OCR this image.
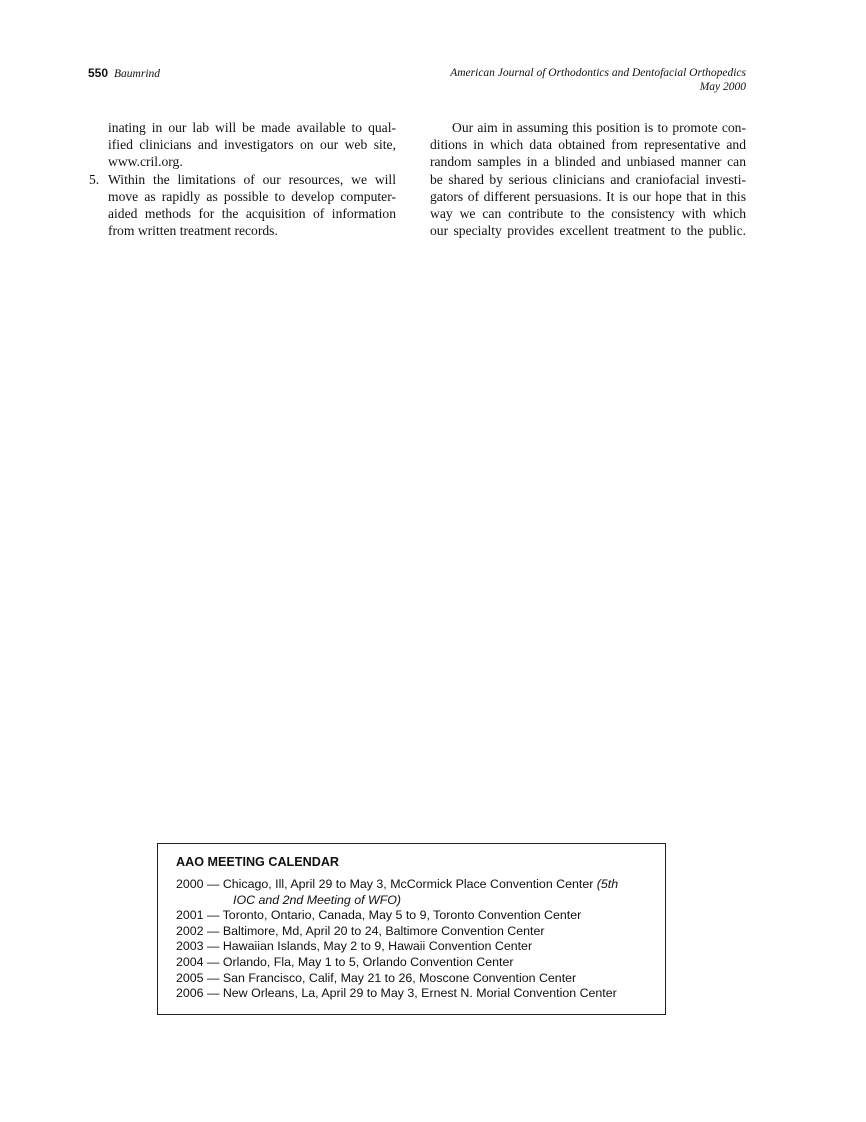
550 Baumrind	American Journal of Orthodontics and Dentofacial Orthopedics
May 2000
inating in our lab will be made available to qual-
ified clinicians and investigators on our web site,
www.cril.org.
5. Within the limitations of our resources, we will
move as rapidly as possible to develop computer-
aided methods for the acquisition of information
from written treatment records.
Our aim in assuming this position is to promote con-
ditions in which data obtained from representative and
random samples in a blinded and unbiased manner can
be shared by serious clinicians and craniofacial investi-
gators of different persuasions. It is our hope that in this
way we can contribute to the consistency with which
our specialty provides excellent treatment to the public.
AAO MEETING CALENDAR
2000 — Chicago, Ill, April 29 to May 3, McCormick Place Convention Center (5th
IOC and 2nd Meeting of WFO)
2001 — Toronto, Ontario, Canada, May 5 to 9, Toronto Convention Center
2002 — Baltimore, Md, April 20 to 24, Baltimore Convention Center
2003 — Hawaiian Islands, May 2 to 9, Hawaii Convention Center
2004 — Orlando, Fla, May 1 to 5, Orlando Convention Center
2005 — San Francisco, Calif, May 21 to 26, Moscone Convention Center
2006 — New Orleans, La, April 29 to May 3, Ernest N. Morial Convention Center
